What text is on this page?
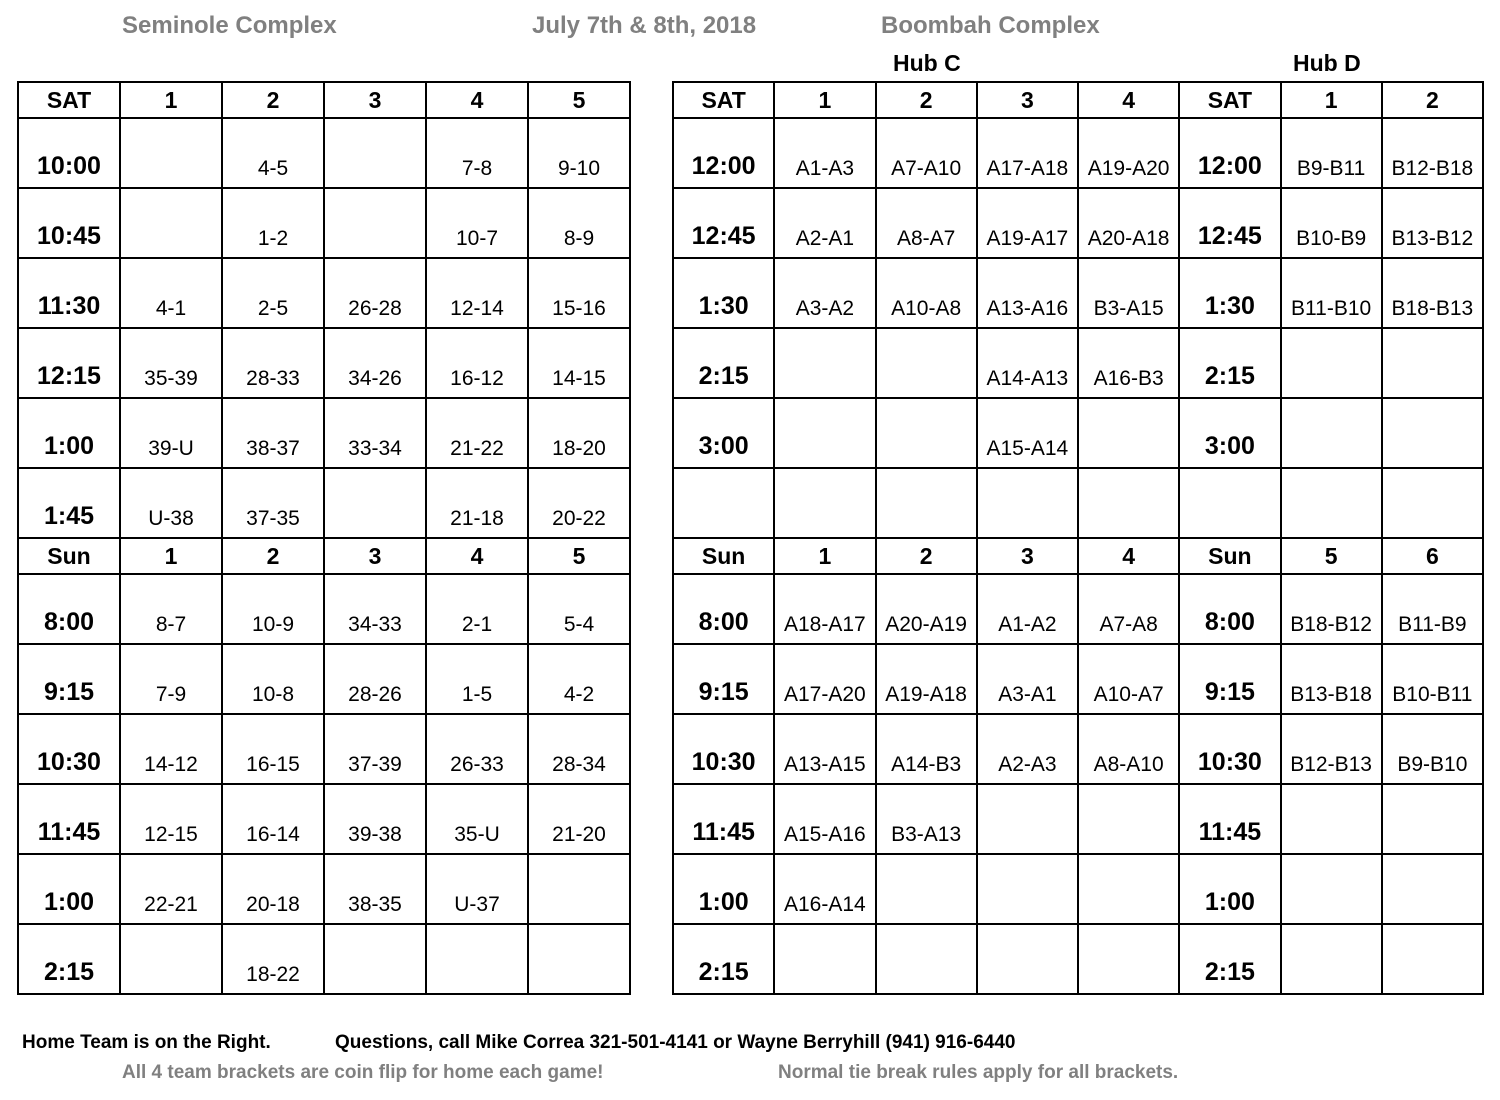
Seminole Complex	July 7th & 8th, 2018	Boombah Complex
Hub C	Hub D
SAT	1	2	3	4	5
10:00		4-5		7-8	9-10
10:45		1-2		10-7	8-9
11:30	4-1	2-5	26-28	12-14	15-16
12:15	35-39	28-33	34-26	16-12	14-15
1:00	39-U	38-37	33-34	21-22	18-20
1:45	U-38	37-35		21-18	20-22
Sun	1	2	3	4	5
8:00	8-7	10-9	34-33	2-1	5-4
9:15	7-9	10-8	28-26	1-5	4-2
10:30	14-12	16-15	37-39	26-33	28-34
11:45	12-15	16-14	39-38	35-U	21-20
1:00	22-21	20-18	38-35	U-37	
2:15		18-22			
SAT	1	2	3	4	SAT	1	2
12:00	A1-A3	A7-A10	A17-A18	A19-A20	12:00	B9-B11	B12-B18
12:45	A2-A1	A8-A7	A19-A17	A20-A18	12:45	B10-B9	B13-B12
1:30	A3-A2	A10-A8	A13-A16	B3-A15	1:30	B11-B10	B18-B13
2:15			A14-A13	A16-B3	2:15		
3:00			A15-A14		3:00		

Sun	1	2	3	4	Sun	5	6
8:00	A18-A17	A20-A19	A1-A2	A7-A8	8:00	B18-B12	B11-B9
9:15	A17-A20	A19-A18	A3-A1	A10-A7	9:15	B13-B18	B10-B11
10:30	A13-A15	A14-B3	A2-A3	A8-A10	10:30	B12-B13	B9-B10
11:45	A15-A16	B3-A13			11:45		
1:00	A16-A14				1:00		
2:15					2:15		
Home Team is on the Right.	Questions, call Mike Correa 321-501-4141 or Wayne Berryhill (941) 916-6440
All 4 team brackets are coin flip for home each game!	Normal tie break rules apply for all brackets.
